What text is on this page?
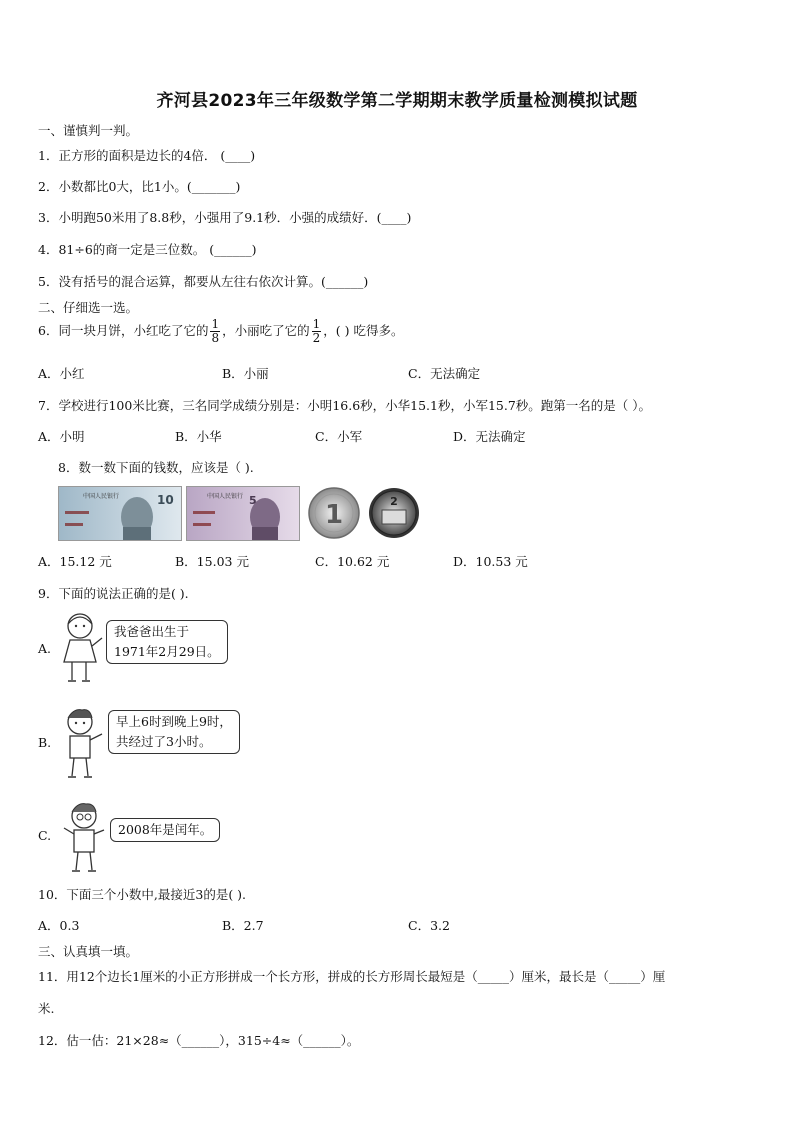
齐河县2023年三年级数学第二学期期末教学质量检测模拟试题
一、谨慎判一判。
1．正方形的面积是边长的4倍． (____)
2．小数都比0大，比1小。(_______)
3．小明跑50米用了8.8秒，小强用了9.1秒．小强的成绩好．(____)
4．81÷6的商一定是三位数。 (______)
5．没有括号的混合运算，都要从左往右依次计算。(______)
二、仔细选一选。
6．同一块月饼，小红吃了它的 $\frac{1}{8}$ ，小丽吃了它的 $\frac{1}{2}$ ，( ) 吃得多。
A．小红	B．小丽	C．无法确定
7．学校进行100米比赛，三名同学成绩分别是：小明16.6秒，小华15.1秒，小军15.7秒。跑第一名的是（ ）。
A．小明	B．小华	C．小军	D．无法确定
8．数一数下面的钱数，应该是（ ).
10
中国人民银行	5
中国人民银行
1	2
A．15.12 元	B．15.03 元	C．10.62 元	D．10.53 元
9．下面的说法正确的是( ).
A.
我爸爸出生于
1971年2月29日。
B.
早上6时到晚上9时，
共经过了3小时。
C.	2008年是闰年。
10．下面三个小数中,最接近3的是( ).
A．0.3	B．2.7	C．3.2
三、认真填一填。
11．用12个边长1厘米的小正方形拼成一个长方形，拼成的长方形周长最短是（_____）厘米，最长是（_____）厘
米.
12．估一估：21×28≈（______），315÷4≈（______）。
